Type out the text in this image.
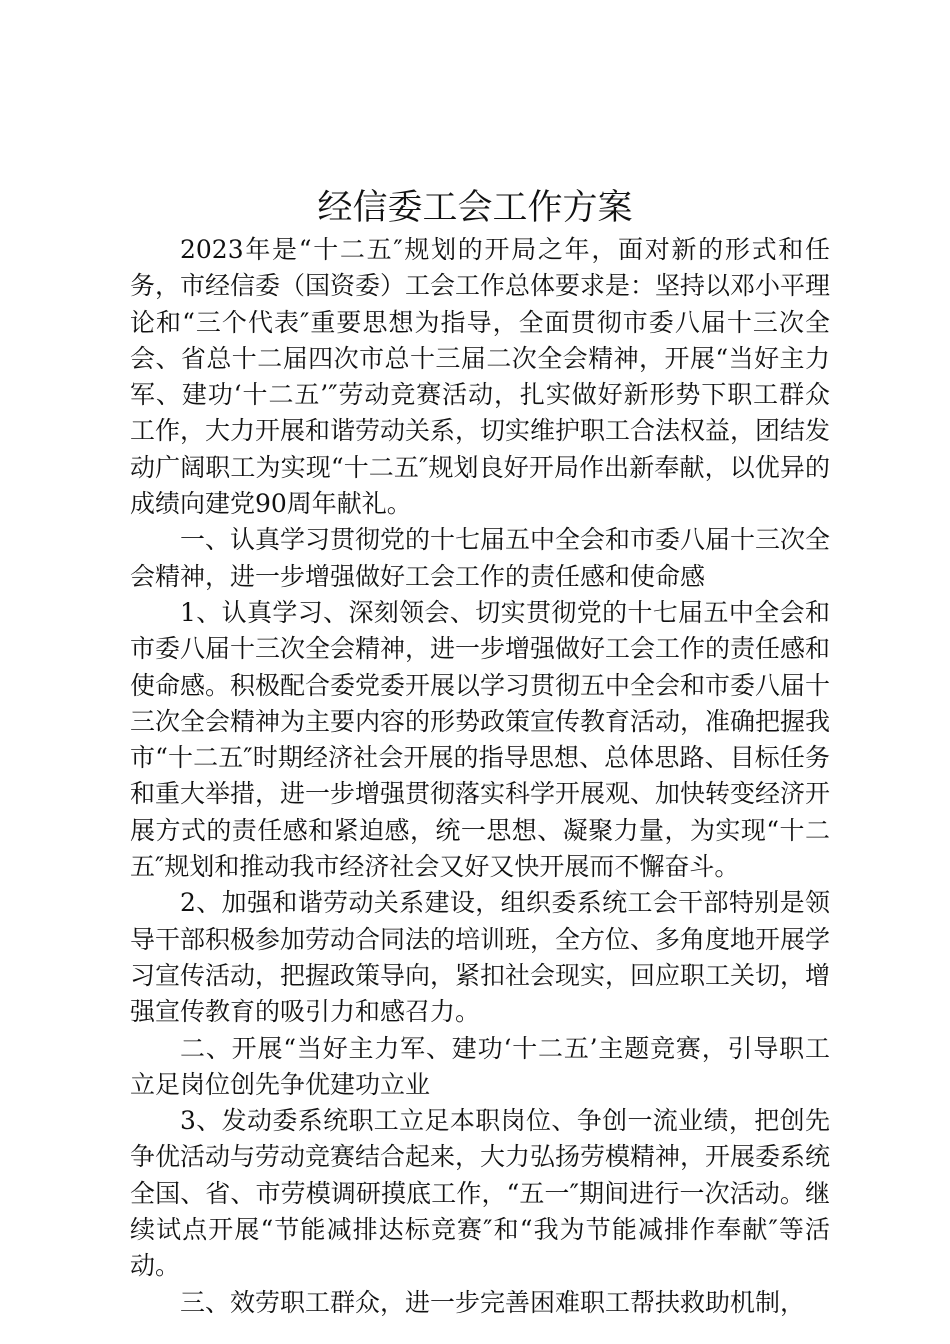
经信委工会工作方案

2023年是“十二五″规划的开局之年，面对新的形式和任务，市经信委（国资委）工会工作总体要求是：坚持以邓小平理论和“三个代表″重要思想为指导，全面贯彻市委八届十三次全会、省总十二届四次市总十三届二次全会精神，开展“当好主力军、建功‘十二五’″劳动竞赛活动，扎实做好新形势下职工群众工作，大力开展和谐劳动关系，切实维护职工合法权益，团结发动广阔职工为实现“十二五″规划良好开局作出新奉献，以优异的成绩向建党90周年献礼。

一、认真学习贯彻党的十七届五中全会和市委八届十三次全会精神，进一步增强做好工会工作的责任感和使命感

1、认真学习、深刻领会、切实贯彻党的十七届五中全会和市委八届十三次全会精神，进一步增强做好工会工作的责任感和使命感。积极配合委党委开展以学习贯彻五中全会和市委八届十三次全会精神为主要内容的形势政策宣传教育活动，准确把握我市“十二五″时期经济社会开展的指导思想、总体思路、目标任务和重大举措，进一步增强贯彻落实科学开展观、加快转变经济开展方式的责任感和紧迫感，统一思想、凝聚力量，为实现“十二五″规划和推动我市经济社会又好又快开展而不懈奋斗。

2、加强和谐劳动关系建设，组织委系统工会干部特别是领导干部积极参加劳动合同法的培训班，全方位、多角度地开展学习宣传活动，把握政策导向，紧扣社会现实，回应职工关切，增强宣传教育的吸引力和感召力。

二、开展“当好主力军、建功‘十二五’主题竞赛，引导职工立足岗位创先争优建功立业

3、发动委系统职工立足本职岗位、争创一流业绩，把创先争优活动与劳动竞赛结合起来，大力弘扬劳模精神，开展委系统全国、省、市劳模调研摸底工作，“五一″期间进行一次活动。继续试点开展“节能减排达标竞赛″和“我为节能减排作奉献″等活动。

三、效劳职工群众，进一步完善困难职工帮扶救助机制，
